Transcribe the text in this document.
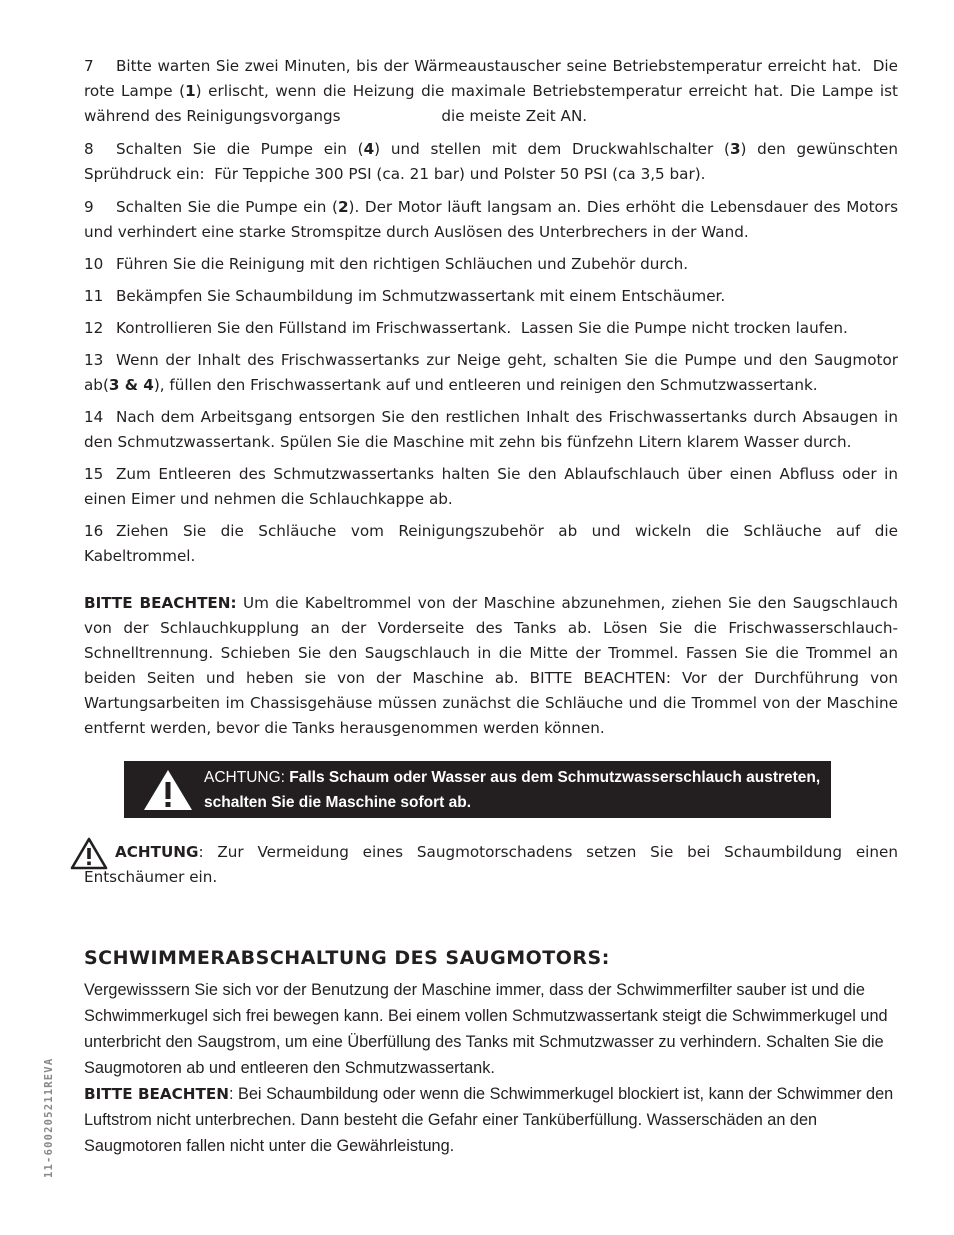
7 Bitte warten Sie zwei Minuten, bis der Wärmeaustauscher seine Betriebstemperatur erreicht hat.  Die rote Lampe (1) erlischt, wenn die Heizung die maximale Betriebstemperatur erreicht hat. Die Lampe ist während des Reinigungsvorgangs	die meiste Zeit AN.

8 Schalten Sie die Pumpe ein (4) und stellen mit dem Druckwahlschalter (3) den gewünschten Sprühdruck ein:  Für Teppiche 300 PSI (ca. 21 bar) und Polster 50 PSI (ca 3,5 bar).

9 Schalten Sie die Pumpe ein (2). Der Motor läuft langsam an. Dies erhöht die Lebensdauer des Motors und verhindert eine starke Stromspitze durch Auslösen des Unterbrechers in der Wand.

10 Führen Sie die Reinigung mit den richtigen Schläuchen und Zubehör durch.

11 Bekämpfen Sie Schaumbildung im Schmutzwassertank mit einem Entschäumer.

12 Kontrollieren Sie den Füllstand im Frischwassertank.  Lassen Sie die Pumpe nicht trocken laufen.

13 Wenn der Inhalt des Frischwassertanks zur Neige geht, schalten Sie die Pumpe und den Saugmotor ab(3 & 4), füllen den Frischwassertank auf und entleeren und reinigen den Schmutzwassertank.

14 Nach dem Arbeitsgang entsorgen Sie den restlichen Inhalt des Frischwassertanks durch Absaugen in den Schmutzwassertank. Spülen Sie die Maschine mit zehn bis fünfzehn Litern klarem Wasser durch.

15 Zum Entleeren des Schmutzwassertanks halten Sie den Ablaufschlauch über einen Abfluss oder in einen Eimer und nehmen die Schlauchkappe ab.

16 Ziehen Sie die Schläuche vom Reinigungszubehör ab und wickeln die Schläuche auf die Kabeltrommel.

BITTE BEACHTEN: Um die Kabeltrommel von der Maschine abzunehmen, ziehen Sie den Saugschlauch von der Schlauchkupplung an der Vorderseite des Tanks ab. Lösen Sie die Frischwasserschlauch-Schnelltrennung. Schieben Sie den Saugschlauch in die Mitte der Trommel. Fassen Sie die Trommel an beiden Seiten und heben sie von der Maschine ab. BITTE BEACHTEN: Vor der Durchführung von Wartungsarbeiten im Chassisgehäuse müssen zunächst die Schläuche und die Trommel von der Maschine entfernt werden, bevor die Tanks herausgenommen werden können.

ACHTUNG: Falls Schaum oder Wasser aus dem Schmutzwasserschlauch austreten, schalten Sie die Maschine sofort ab.

ACHTUNG: Zur Vermeidung eines Saugmotorschadens setzen Sie bei Schaumbildung einen Entschäumer ein.

SCHWIMMERABSCHALTUNG DES SAUGMOTORS:

Vergewisssern Sie sich vor der Benutzung der Maschine immer, dass der Schwimmerfilter sauber ist und die Schwimmerkugel sich frei bewegen kann. Bei einem vollen Schmutzwassertank steigt die Schwimmerkugel und unterbricht den Saugstrom, um eine Überfüllung des Tanks mit Schmutzwasser zu verhindern. Schalten Sie die Saugmotoren ab und entleeren den Schmutzwassertank.

BITTE BEACHTEN: Bei Schaumbildung oder wenn die Schwimmerkugel blockiert ist, kann der Schwimmer den Luftstrom nicht unterbrechen. Dann besteht die Gefahr einer Tanküberfüllung. Wasserschäden an den Saugmotoren fallen nicht unter die Gewährleistung.

11-600205211REVA
